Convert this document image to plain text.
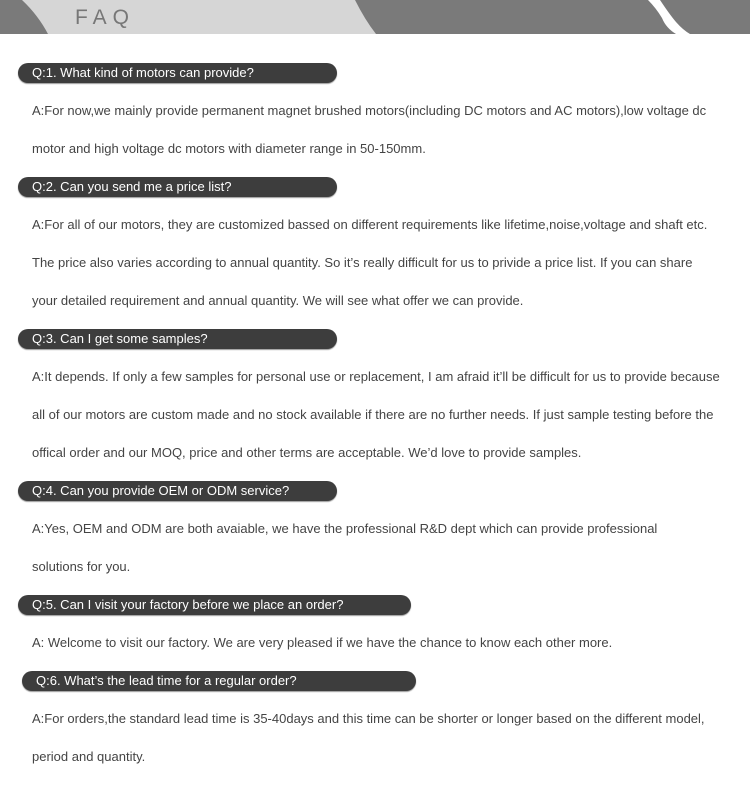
FAQ
Q:1. What kind of motors can provide?
A:For now,we mainly provide permanent magnet brushed motors(including DC motors and AC motors),low voltage dc
motor and high voltage dc motors with diameter range in 50-150mm.
Q:2. Can you send me a price list?
A:For all of our motors, they are customized bassed on different requirements like lifetime,noise,voltage and shaft etc.
The price also varies according to annual quantity. So it’s really difficult for us to privide a price list. If you can share
your detailed requirement and annual quantity. We will see what offer we can provide.
Q:3. Can I get some samples?
A:It depends. If only a few samples for personal use or replacement, I am afraid it’ll be difficult for us to provide because
all of our motors are custom made and no stock available if there are no further needs. If just sample testing before the
offical order and our MOQ, price and other terms are acceptable. We’d love to provide samples.
Q:4. Can you provide OEM or ODM service?
A:Yes, OEM and ODM are both avaiable, we have the professional R&D dept which can provide professional
solutions for you.
Q:5. Can I visit your factory before we place an order?
A: Welcome to visit our factory. We are very pleased if we have the chance to know each other more.
Q:6. What’s the lead time for a regular order?
A:For orders,the standard lead time is 35-40days and this time can be shorter or longer based on the different model,
period and quantity.
